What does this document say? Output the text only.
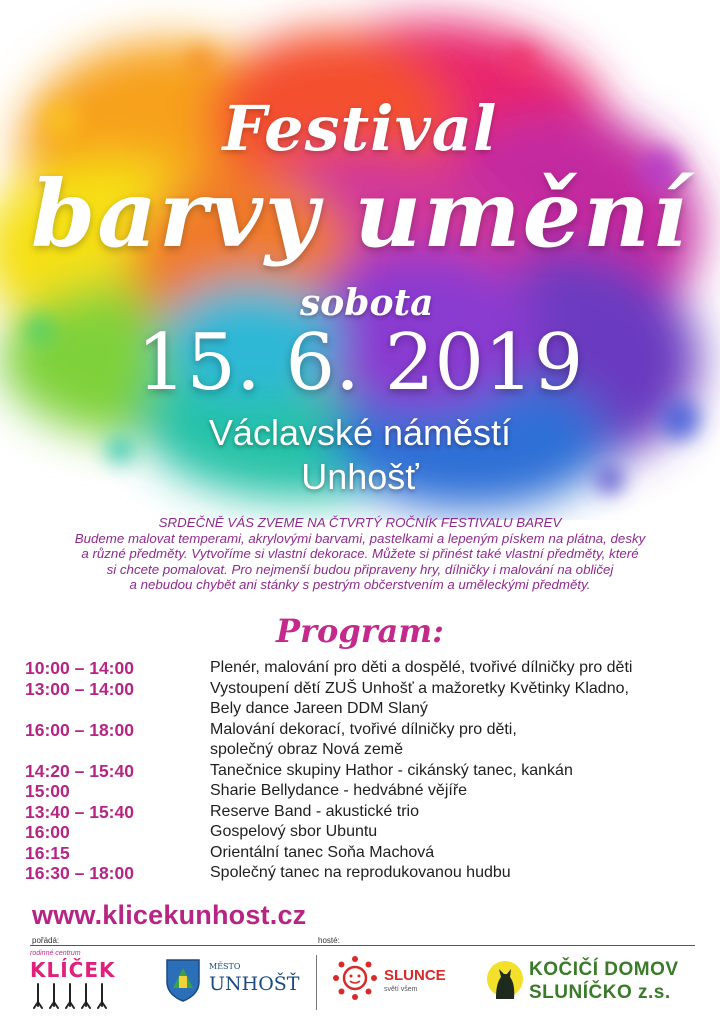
Festival
barvy umění
sobota
15. 6. 2019
Václavské náměstí
Unhošť
SRDEČNĚ VÁS ZVEME NA ČTVRTÝ ROČNÍK FESTIVALU BAREV
Budeme malovat temperami, akrylovými barvami, pastelkami a lepeným pískem na plátna, desky
a různé předměty. Vytvoříme si vlastní dekorace. Můžete si přinést také vlastní předměty, které
si chcete pomalovat. Pro nejmenší budou připraveny hry, dílničky i malování na obličej
a nebudou chybět ani stánky s pestrým občerstvením a uměleckými předměty.
Program:
10:00 – 14:00	Plenér, malování pro děti a dospělé, tvořivé dílničky pro děti
13:00 – 14:00	Vystoupení dětí ZUŠ Unhošť a mažoretky Květinky Kladno,
Bely dance Jareen DDM Slaný
16:00 – 18:00	Malování dekorací, tvořivé dílničky pro děti,
společný obraz Nová země
14:20 – 15:40	Tanečnice skupiny Hathor - cikánský tanec, kankán
15:00	Sharie Bellydance - hedvábné vějíře
13:40 – 15:40	Reserve Band - akustické trio
16:00	Gospelový sbor Ubuntu
16:15	Orientální tanec Soňa Machová
16:30 – 18:00	Společný tanec na reprodukovanou hudbu
www.klicekunhost.cz
pořádá:	hosté:
rodinné centrum
KLÍČEK	MĚSTO
UNHOŠŤ	SLUNCE
světí všem
KOČIČÍ DOMOV
SLUNÍČKO z.s.
